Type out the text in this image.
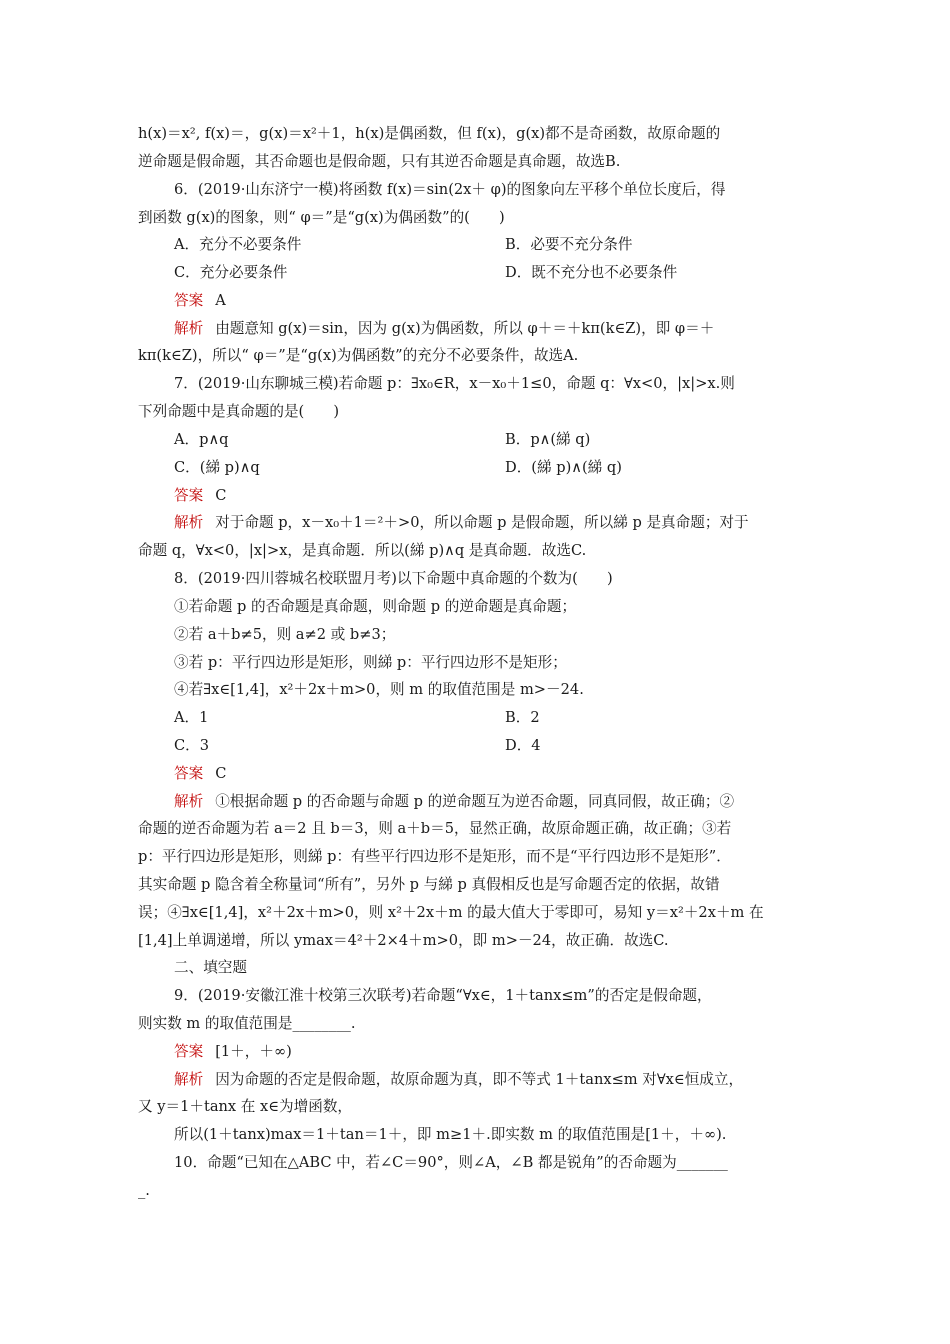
h(x)＝x², f(x)＝，g(x)＝x²＋1，h(x)是偶函数，但 f(x)，g(x)都不是奇函数，故原命题的
逆命题是假命题，其否命题也是假命题，只有其逆否命题是真命题，故选B.
6．(2019·山东济宁一模)将函数 f(x)＝sin(2x＋ φ)的图象向左平移个单位长度后，得
到函数 g(x)的图象，则“ φ＝”是“g(x)为偶函数”的(　　)
A．充分不必要条件	B．必要不充分条件
C．充分必要条件	D．既不充分也不必要条件
答案 A
解析 由题意知 g(x)＝sin，因为 g(x)为偶函数，所以 φ＋＝＋kπ(k∈Z)，即 φ＝＋
kπ(k∈Z)，所以“ φ＝”是“g(x)为偶函数”的充分不必要条件，故选A.
7．(2019·山东聊城三模)若命题 p：∃x₀∈R，x－x₀＋1≤0，命题 q：∀x<0，|x|>x.则
下列命题中是真命题的是(　　)
A．p∧q	B．p∧(綈 q)
C．(綈 p)∧q	D．(綈 p)∧(綈 q)
答案 C
解析 对于命题 p，x－x₀＋1＝²＋>0，所以命题 p 是假命题，所以綈 p 是真命题；对于
命题 q，∀x<0，|x|>x，是真命题．所以(綈 p)∧q 是真命题．故选C.
8．(2019·四川蓉城名校联盟月考)以下命题中真命题的个数为(　　)
①若命题 p 的否命题是真命题，则命题 p 的逆命题是真命题；
②若 a＋b≠5，则 a≠2 或 b≠3；
③若 p：平行四边形是矩形，则綈 p：平行四边形不是矩形；
④若∃x∈[1,4]，x²＋2x＋m>0，则 m 的取值范围是 m>－24.
A．1	B．2
C．3	D．4
答案 C
解析 ①根据命题 p 的否命题与命题 p 的逆命题互为逆否命题，同真同假，故正确；②
命题的逆否命题为若 a＝2 且 b＝3，则 a＋b＝5，显然正确，故原命题正确，故正确；③若
p：平行四边形是矩形，则綈 p：有些平行四边形不是矩形，而不是“平行四边形不是矩形”．
其实命题 p 隐含着全称量词“所有”，另外 p 与綈 p 真假相反也是写命题否定的依据，故错
误；④∃x∈[1,4]，x²＋2x＋m>0，则 x²＋2x＋m 的最大值大于零即可，易知 y＝x²＋2x＋m 在
[1,4]上单调递增，所以 ymax＝4²＋2×4＋m>0，即 m>－24，故正确．故选C.
二、填空题
9．(2019·安徽江淮十校第三次联考)若命题“∀x∈，1＋tanx≤m”的否定是假命题，
则实数 m 的取值范围是________.
答案 [1＋，＋∞)
解析 因为命题的否定是假命题，故原命题为真，即不等式 1＋tanx≤m 对∀x∈恒成立，
又 y＝1＋tanx 在 x∈为增函数，
所以(1＋tanx)max＝1＋tan＝1＋，即 m≥1＋.即实数 m 的取值范围是[1＋，＋∞).
10．命题“已知在△ABC 中，若∠C＝90°，则∠A，∠B 都是锐角”的否命题为_______
_.
